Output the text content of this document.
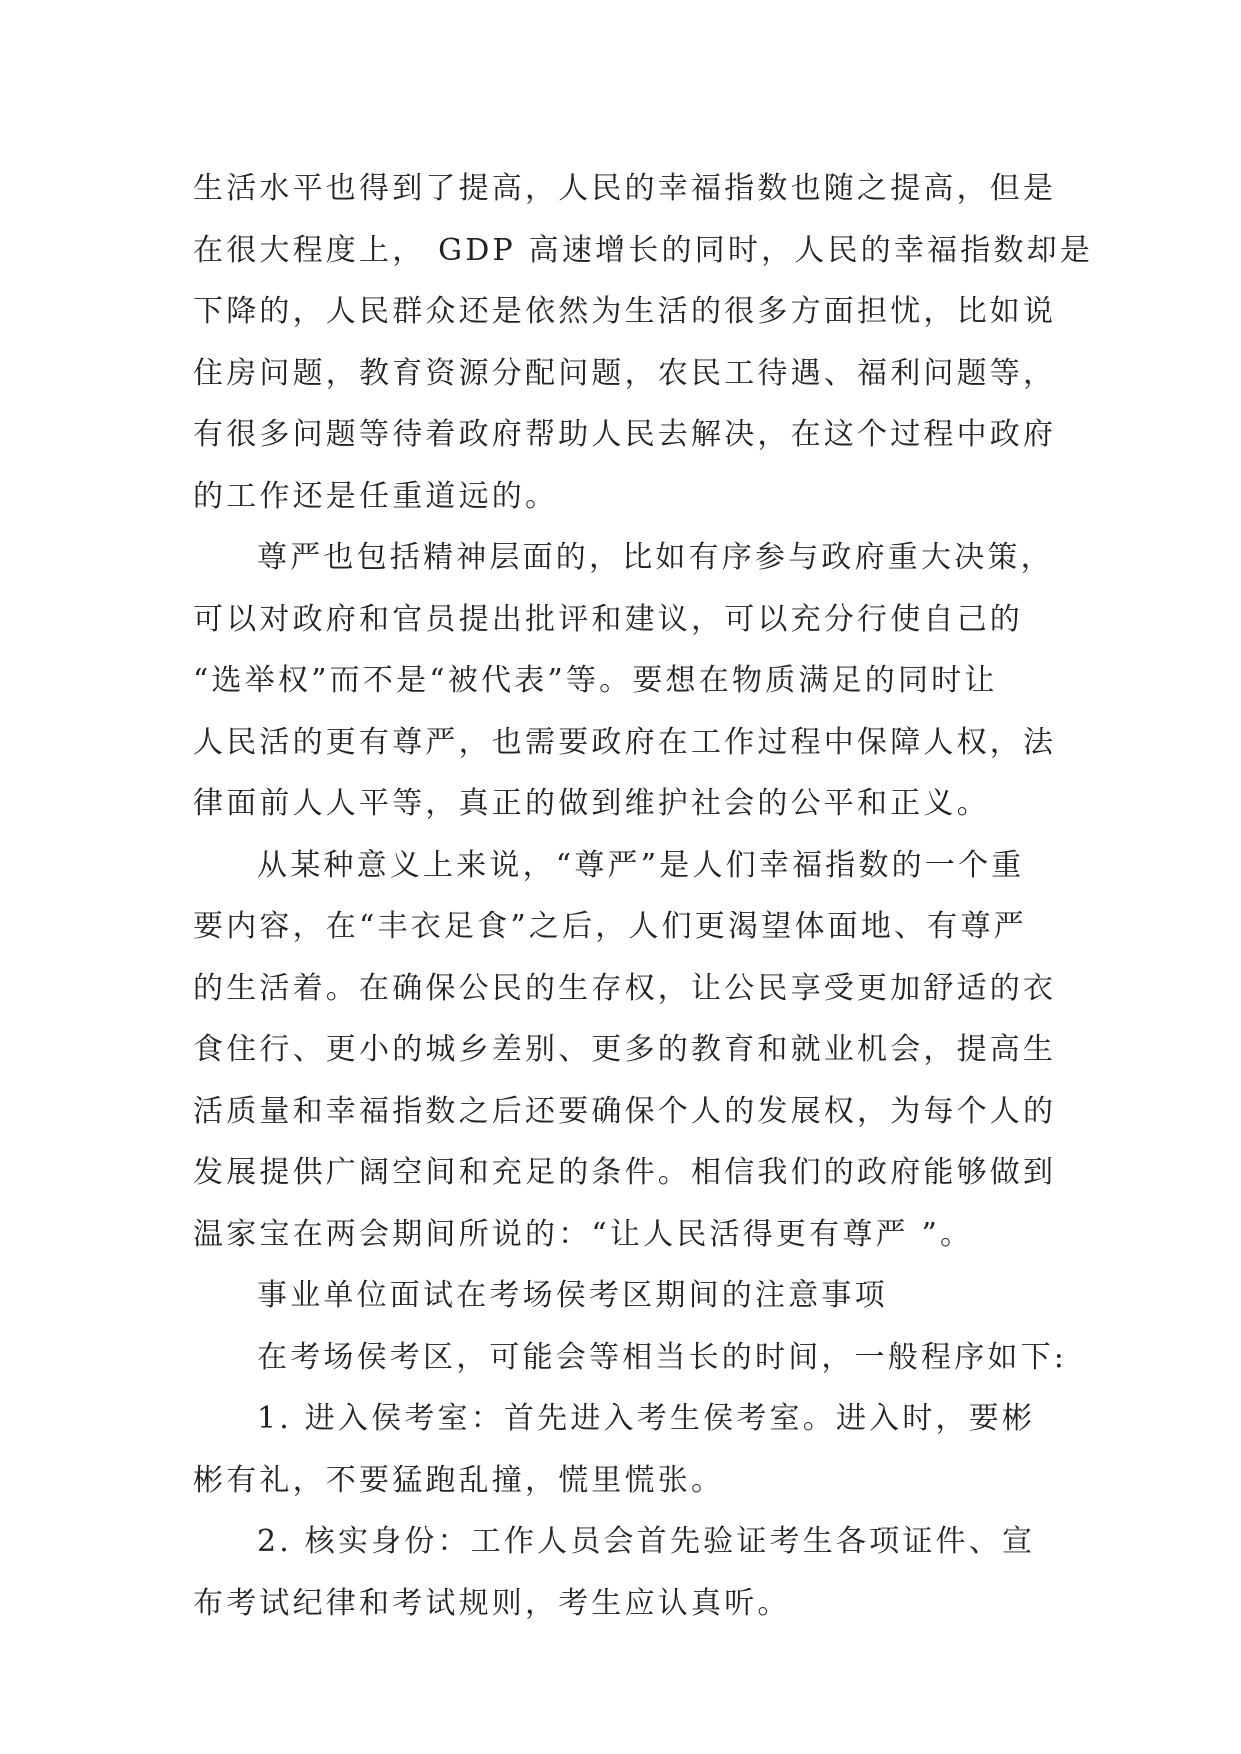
生活水平也得到了提高，人民的幸福指数也随之提高，但是
在很大程度上， GDP 高速增长的同时，人民的幸福指数却是
下降的，人民群众还是依然为生活的很多方面担忧，比如说
住房问题，教育资源分配问题，农民工待遇、福利问题等，
有很多问题等待着政府帮助人民去解决，在这个过程中政府
的工作还是任重道远的。
尊严也包括精神层面的，比如有序参与政府重大决策，
可以对政府和官员提出批评和建议，可以充分行使自己的
“选举权”而不是“被代表”等。要想在物质满足的同时让
人民活的更有尊严，也需要政府在工作过程中保障人权，法
律面前人人平等，真正的做到维护社会的公平和正义。
从某种意义上来说，“尊严”是人们幸福指数的一个重
要内容，在“丰衣足食”之后，人们更渴望体面地、有尊严
的生活着。在确保公民的生存权，让公民享受更加舒适的衣
食住行、更小的城乡差别、更多的教育和就业机会，提高生
活质量和幸福指数之后还要确保个人的发展权，为每个人的
发展提供广阔空间和充足的条件。相信我们的政府能够做到
温家宝在两会期间所说的：“让人民活得更有尊严 ”。
事业单位面试在考场侯考区期间的注意事项
在考场侯考区，可能会等相当长的时间，一般程序如下:
1. 进入侯考室：首先进入考生侯考室。进入时，要彬
彬有礼，不要猛跑乱撞，慌里慌张。
2. 核实身份：工作人员会首先验证考生各项证件、宣
布考试纪律和考试规则，考生应认真听。
